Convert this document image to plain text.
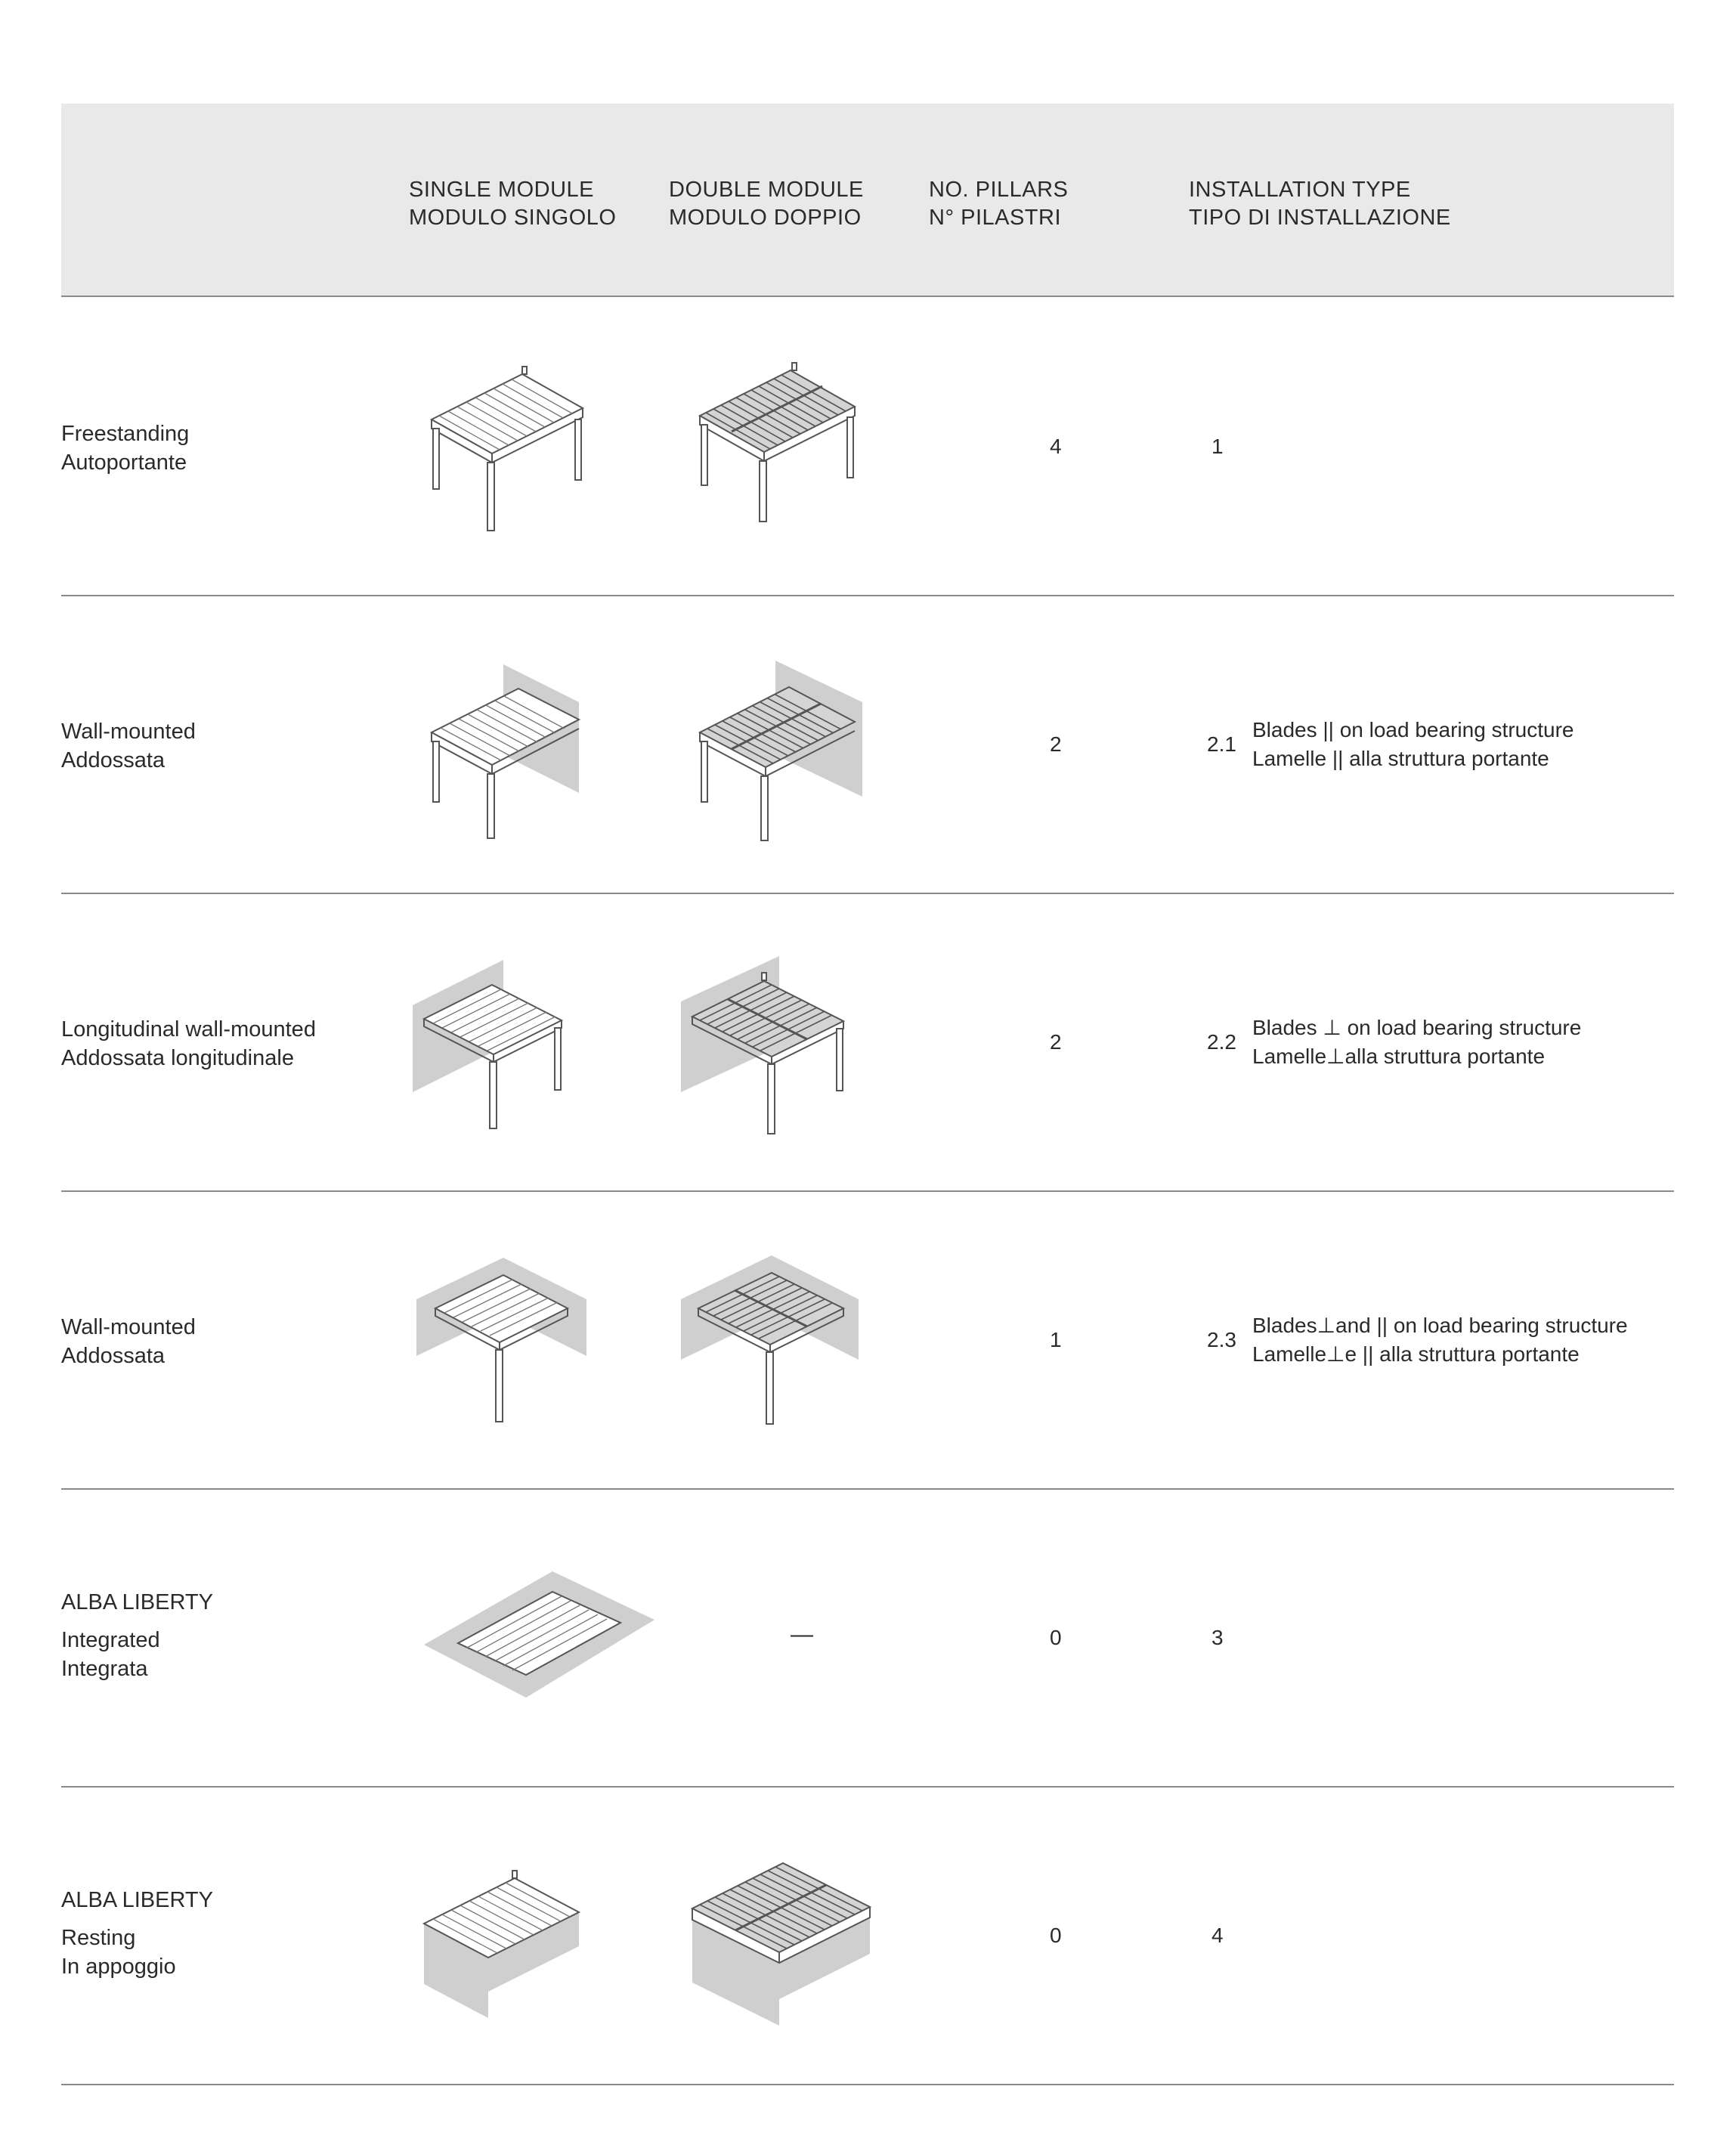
SINGLE MODULE
MODULO SINGOLO
DOUBLE MODULE
MODULO DOPPIO
NO. PILLARS
N° PILASTRI
INSTALLATION TYPE
TIPO DI INSTALLAZIONE
Freestanding
Autoportante
4	1
Wall-mounted
Addossata
2	2.1
Blades || on load bearing structure
Lamelle || alla struttura portante
Longitudinal wall-mounted
Addossata longitudinale
2	2.2
Blades ⊥ on load bearing structure
Lamelle⊥alla struttura portante
Wall-mounted
Addossata
1	2.3
Blades⊥and || on load bearing structure
Lamelle⊥e || alla struttura portante
ALBA LIBERTY
Integrated
Integrata
—	0	3
ALBA LIBERTY
Resting
In appoggio
0	4
